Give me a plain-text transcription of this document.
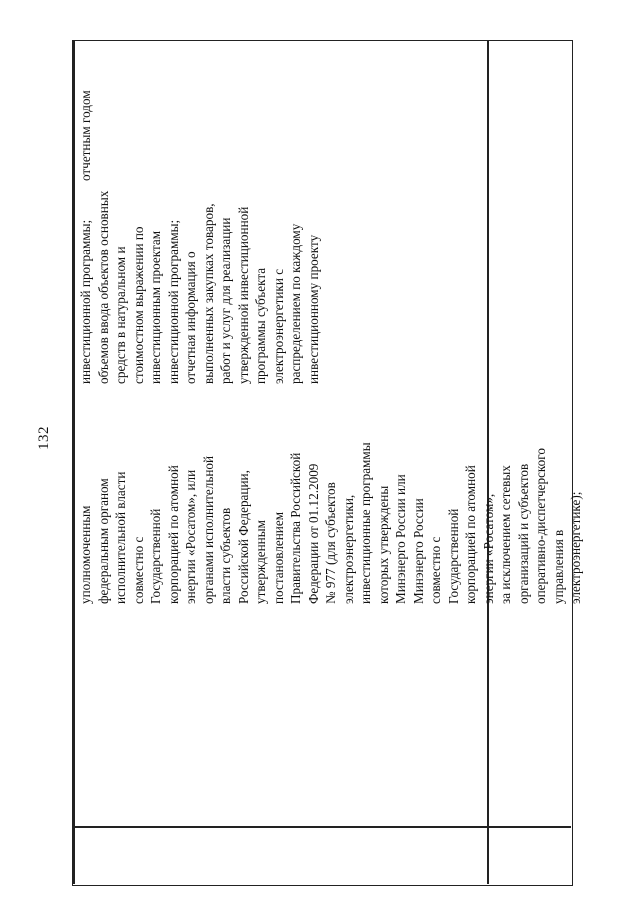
132
уполномоченным
федеральным органом
исполнительной власти
совместно с
Государственной
корпорацией по атомной
энергии «Росатом», или
органами исполнительной
власти субъектов
Российской Федерации,
утвержденным
постановлением
Правительства Российской
Федерации от 01.12.2009
№ 977 (для субъектов
электроэнергетики,
инвестиционные программы
которых утверждены
Минэнерго России или
Минэнерго России
совместно с
Государственной
корпорацией по атомной
энергии «Росатом»,
за исключением сетевых
организаций и субъектов
оперативно-диспетчерского
управления в
электроэнергетике);
инвестиционной программы;
объемов ввода объектов основных
средств в натуральном и
стоимостном выражении по
инвестиционным проектам
инвестиционной программы;
отчетная информация о
выполненных закупках товаров,
работ и услуг для реализации
утвержденной инвестиционной
программы субъекта
электроэнергетики с
распределением по каждому
инвестиционному проекту
отчетным годом
